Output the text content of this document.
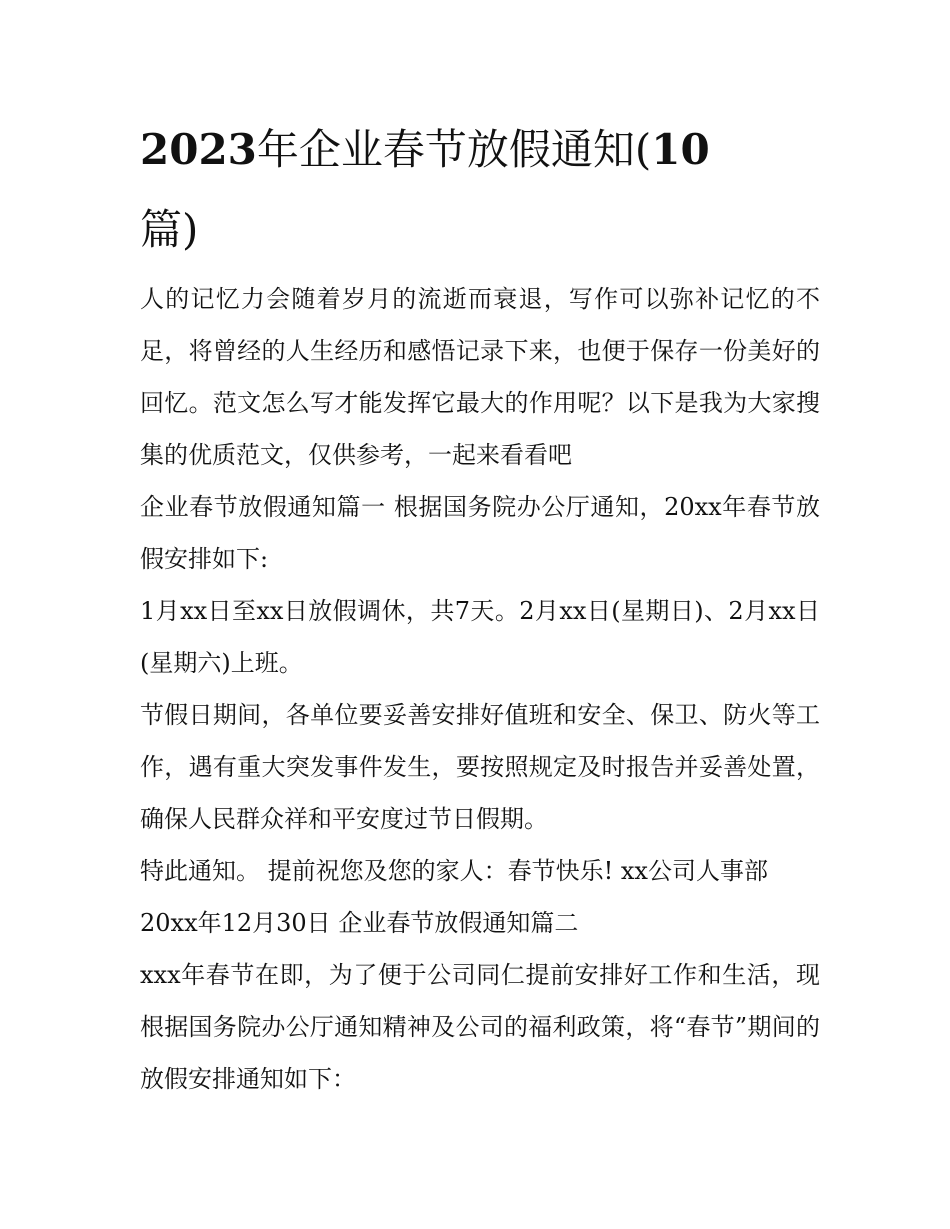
2023年企业春节放假通知(10
篇)

人的记忆力会随着岁月的流逝而衰退，写作可以弥补记忆的不足，将曾经的人生经历和感悟记录下来，也便于保存一份美好的回忆。范文怎么写才能发挥它最大的作用呢？以下是我为大家搜集的优质范文，仅供参考，一起来看看吧

企业春节放假通知篇一 根据国务院办公厅通知，20xx年春节放假安排如下:

1月xx日至xx日放假调休，共7天。2月xx日(星期日)、2月xx日(星期六)上班。

节假日期间，各单位要妥善安排好值班和安全、保卫、防火等工作，遇有重大突发事件发生，要按照规定及时报告并妥善处置，确保人民群众祥和平安度过节日假期。

特此通知。 提前祝您及您的家人：春节快乐! xx公司人事部

20xx年12月30日 企业春节放假通知篇二

xxx年春节在即，为了便于公司同仁提前安排好工作和生活，现根据国务院办公厅通知精神及公司的福利政策，将“春节”期间的放假安排通知如下：
